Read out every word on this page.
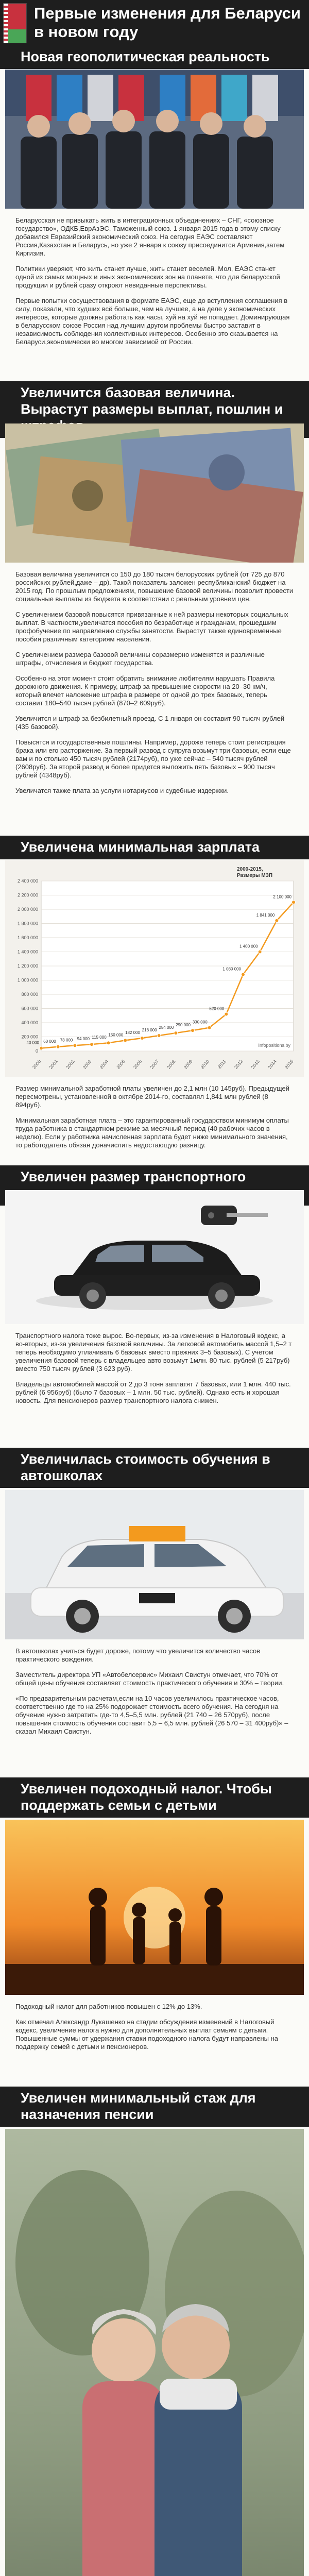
Первые изменения для Беларуси в новом году
Новая геополитическая реальность

Беларусская не привыкать жить в интеграционных объединениях – СНГ, «союзное государство», ОДКБ,ЕврАзЭС. Таможенный союз. 1 января 2015 года в этому списку добавился Евразийский экономический союз. На сегодня ЕАЭС составляют Россия,Казахстан и Беларусь, но уже 2 января к союзу присоединится Армения,затем Киргизия.

Политики уверяют, что жить станет лучше, жить станет веселей. Мол, ЕАЭС станет одной из самых мощных и иных экономических зон на планете, что для беларусской продукции и рублей сразу откроют невиданные перспективы.

Первые попытки сосуществования в формате ЕАЭС, еще до вступления соглашения в силу, показали, что худших всё больше, чем на лучшее, а на деле у экономических интересов, которые должны работать как часы, хуй на хуй не попадает. Доминирующая в беларусском союзе Россия над лучшим другом проблемы быстро заставит в независимость соблюдения коллективных интересов. Особенно это сказывается на Беларуси,экономически во многом зависимой от России.

Увеличится базовая величина. Вырастут размеры выплат, пошлин и

Базовая величина увеличится со 150 до 180 тысяч белорусских рублей (от 725 до 870 российских рублей,даже – др). Такой показатель заложен республиканский бюджет на 2015 год. По прошлым предложениям, повышение базовой величины позволит провести социальные выплаты из бюджета в соответствии с реальным уровнем цен.

С увеличением базовой повысятся привязанные к ней размеры некоторых социальных выплат. В частности,увеличатся пособия по безработице и гражданам, прошедшим профобучение по направлению службы занятости. Вырастут также единовременные пособия различным категориям населения.

С увеличением размера базовой величины соразмерно изменятся и различные штрафы, отчисления и бюджет государства.

Особенно на этот момент стоит обратить внимание любителям нарушать Правила дорожного движения. К примеру, штраф за превышение скорости на 20–30 км/ч, который влечет наложение штрафа в размере от одной до трех базовых, теперь составит 180–540 тысяч рублей (870–2 609руб).

Увеличится и штраф за безбилетный проезд. С 1 января он составит 90 тысяч рублей (435 базовой).

Повысятся и государственные пошлины. Например, дороже теперь стоит регистрация брака или его расторжение. За первый развод с супруга возьмут три базовых, если еще вам и по столько 450 тысяч рублей (2174руб), по уже сейчас – 540 тысяч рублей (2608руб). За второй развод и более придется выложить пять базовых – 900 тысяч рублей (4348руб).

Увеличатся также плата за услуги нотариусов и судебные издержки.

Увеличена минимальная зарплата
0
200 000
400 000
600 000
800 000
1 000 000
1 200 000
1 400 000
1 600 000
1 800 000
2 000 000
2 200 000
2 400 000
2000 2001 2002 2003 2004 2005 2006 2007 2008 2009 2010 2011 2012 2013 2014 2015
40 000 60 000 78 000 94 000 115 000
150 000 182 000
218 000
254 000
290 000
330 000
520 000
1 080 000
1 400 000
1 841 000
2 100 000
2000-2015,
Размеры МЗП
Infopositions.by

Размер минимальной заработной платы увеличен до 2,1 млн (10 145руб). Предыдущей пересмотрены, установленной в октябре 2014-го, составлял 1,841 млн рублей (8 894руб).

Минимальная заработная плата – это гарантированный государством минимум оплаты труда работника в стандартном режиме за месячный период (40 рабочих часов в неделю). Если у работника начисленная зарплата будет ниже минимального значения, то работодатель обязан доначислить недостающую разницу.

Увеличен размер транспортного

Транспортного налога тоже вырос. Во-первых, из-за изменения в Налоговый кодекс, а во-вторых, из-за увеличения базовой величины. За легковой автомобиль массой 1,5–2 т теперь необходимо уплачивать 6 базовых вместо прежних 3–5 базовых). С учетом увеличения базовой теперь с владельцев авто возьмут 1млн. 80 тыс. рублей (5 217руб) вместо 750 тысяч рублей (3 623 руб).

Владельцы автомобилей массой от 2 до 3 тонн заплатят 7 базовых, или 1 млн. 440 тыс. рублей (6 956руб) (было 7 базовых – 1 млн. 50 тыс. рублей). Однако есть и хорошая новость. Для пенсионеров размер транспортного налога снижен.

Увеличилась стоимость обучения в автошколах

В автошколах учиться будет дороже, потому что увеличится количество часов практического вождения.

Заместитель директора УП «Автобелсервис» Михаил Свистун отмечает, что 70% от общей цены обучения составляет стоимость практического обучения и 30% – теории.

«По предварительным расчетам,если на 10 часов увеличилось практическое часов, соответственно где то на 25% подорожает стоимость всего обучения. На сегодня на обучение нужно затратить где-то 4,5–5,5 млн. рублей (21 740 – 26 570руб), после повышения стоимость обучения составит 5,5 – 6,5 млн. рублей (26 570 – 31 400руб)» – сказал Михаил Свистун.

Увеличен подоходный налог. Чтобы поддержать семьи с детьми

Подоходный налог для работников повышен с 12% до 13%.

Как отмечал Александр Лукашенко на стадии обсуждения изменений в Налоговый кодекс, увеличение налога нужно для дополнительных выплат семьям с детьми. Повышенные суммы от удержания ставки подоходного налога будут направлены на поддержку семей с детьми и пенсионеров.

Увеличен минимальный стаж для назначения пенсии
